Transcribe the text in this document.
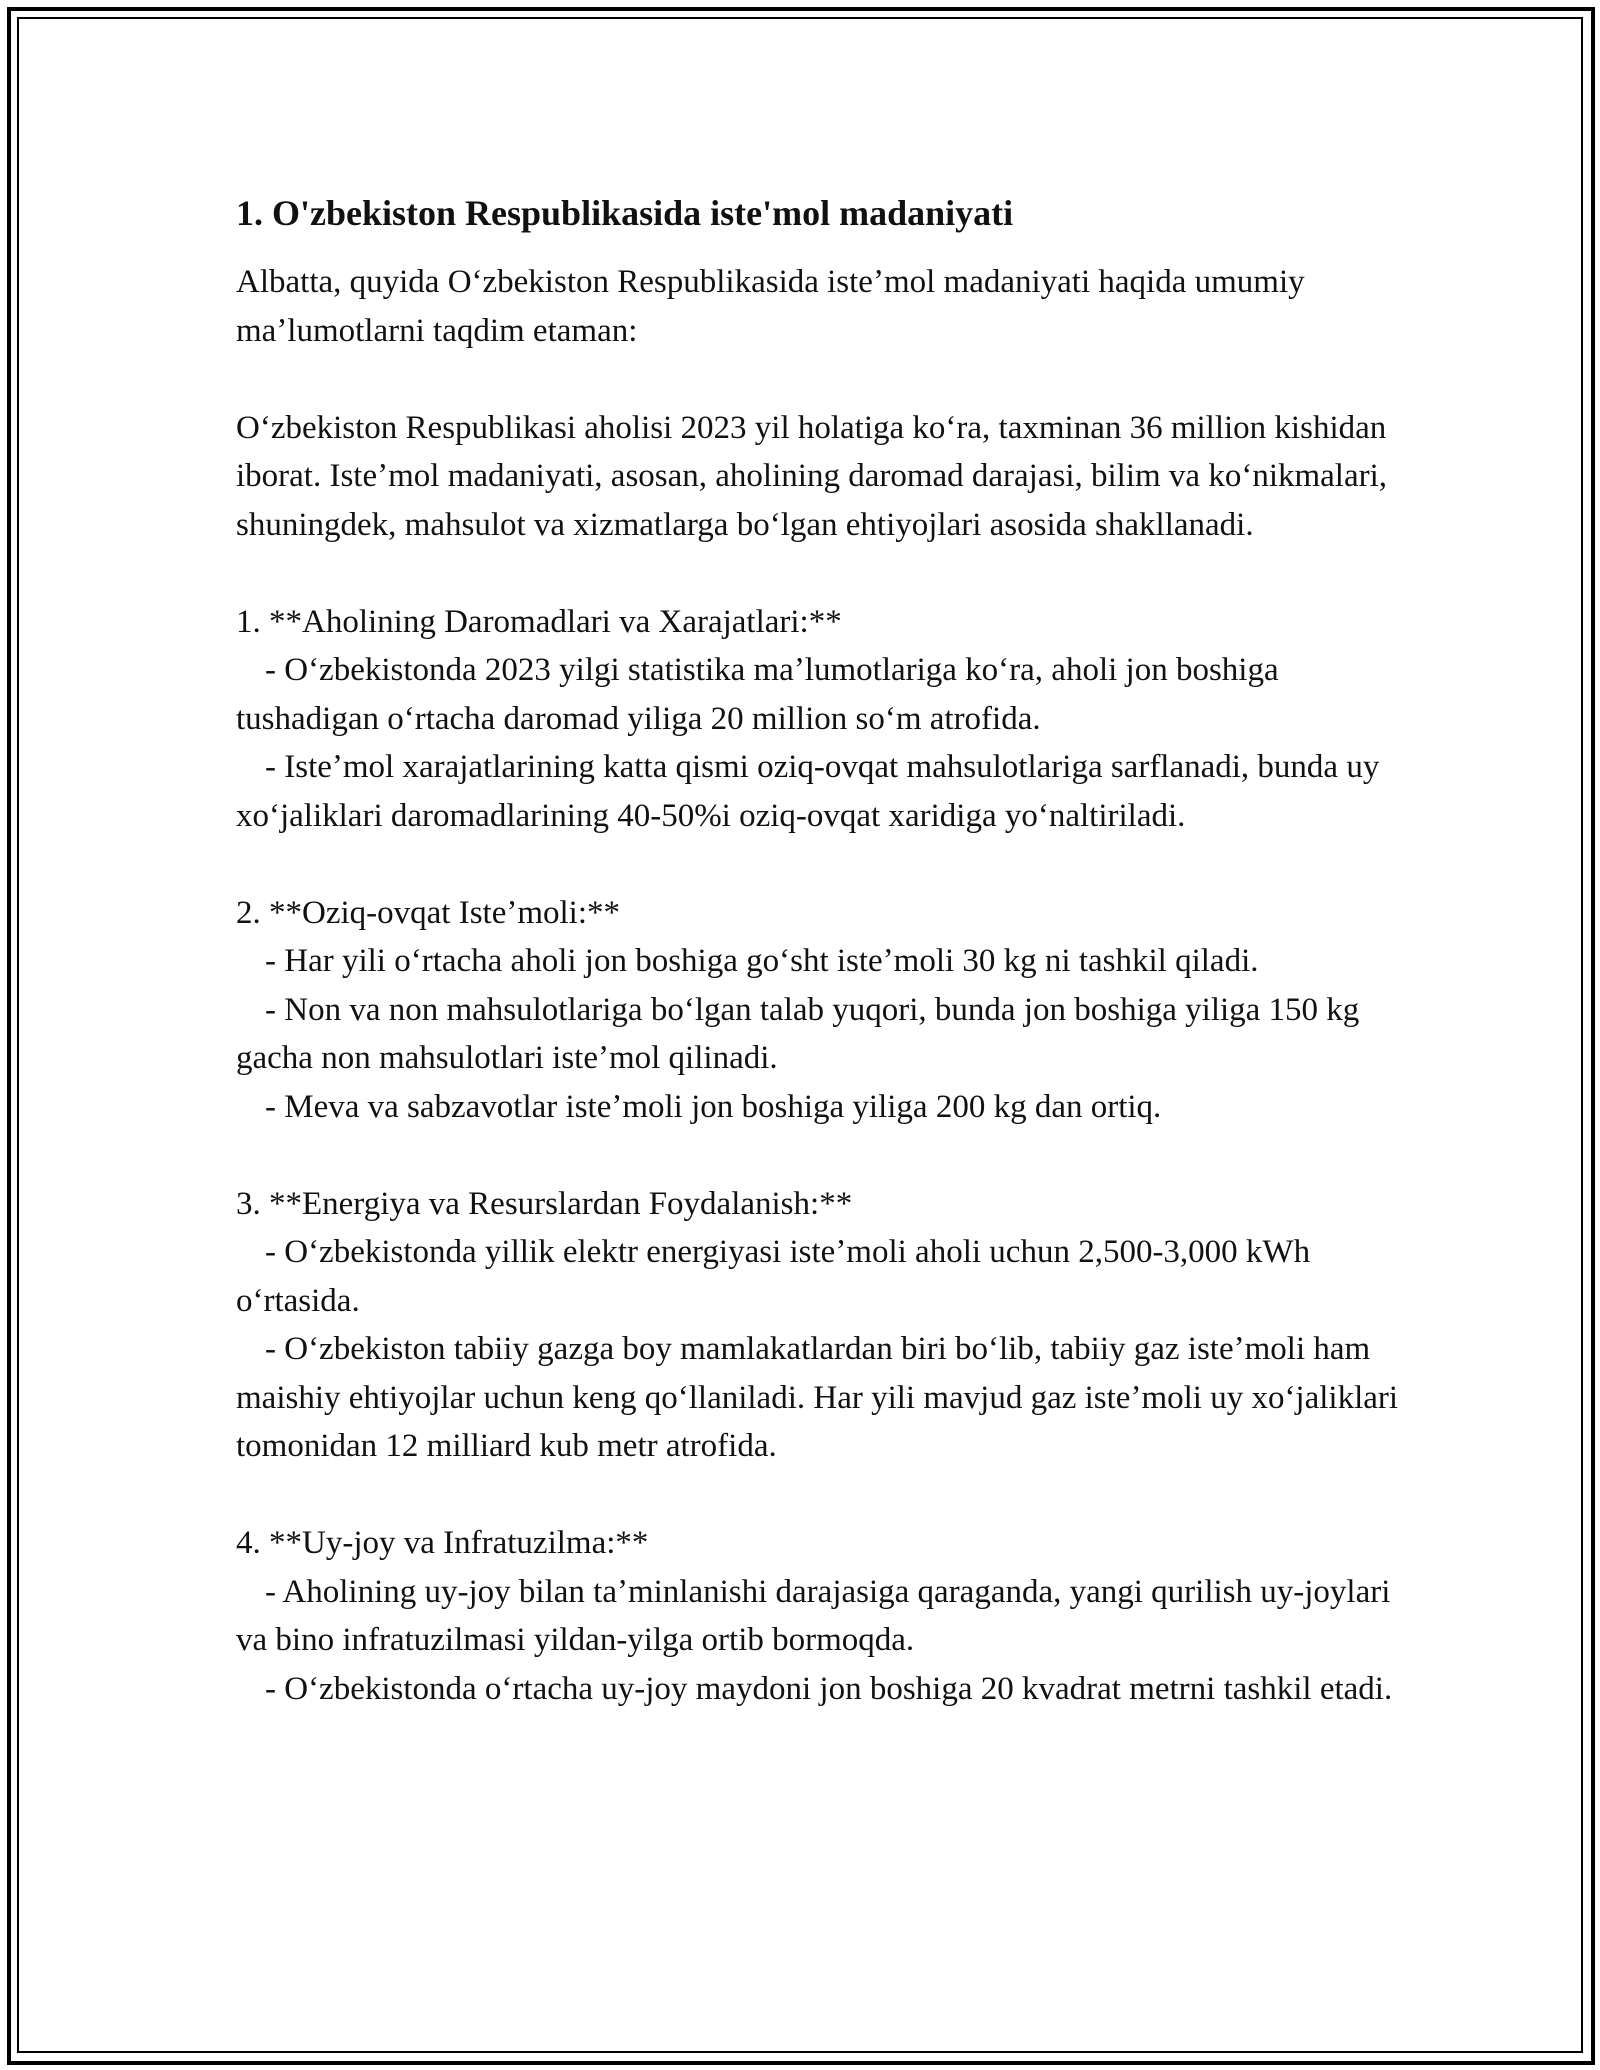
1. O'zbekiston Respublikasida iste'mol madaniyati

Albatta, quyida Oʻzbekiston Respublikasida isteʼmol madaniyati haqida umumiy maʼlumotlarni taqdim etaman:

Oʻzbekiston Respublikasi aholisi 2023 yil holatiga koʻra, taxminan 36 million kishidan iborat. Isteʼmol madaniyati, asosan, aholining daromad darajasi, bilim va koʻnikmalari, shuningdek, mahsulot va xizmatlarga boʻlgan ehtiyojlari asosida shakllanadi.

1. **Aholining Daromadlari va Xarajatlari:**

- Oʻzbekistonda 2023 yilgi statistika maʼlumotlariga koʻra, aholi jon boshiga tushadigan oʻrtacha daromad yiliga 20 million soʻm atrofida.

- Isteʼmol xarajatlarining katta qismi oziq-ovqat mahsulotlariga sarflanadi, bunda uy xoʻjaliklari daromadlarining 40-50%i oziq-ovqat xaridiga yoʻnaltiriladi.

2. **Oziq-ovqat Isteʼmoli:**

- Har yili oʻrtacha aholi jon boshiga goʻsht isteʼmoli 30 kg ni tashkil qiladi.

- Non va non mahsulotlariga boʻlgan talab yuqori, bunda jon boshiga yiliga 150 kg gacha non mahsulotlari isteʼmol qilinadi.

- Meva va sabzavotlar isteʼmoli jon boshiga yiliga 200 kg dan ortiq.

3. **Energiya va Resurslardan Foydalanish:**

- Oʻzbekistonda yillik elektr energiyasi isteʼmoli aholi uchun 2,500-3,000 kWh oʻrtasida.

- Oʻzbekiston tabiiy gazga boy mamlakatlardan biri boʻlib, tabiiy gaz isteʼmoli ham maishiy ehtiyojlar uchun keng qoʻllaniladi. Har yili mavjud gaz isteʼmoli uy xoʻjaliklari tomonidan 12 milliard kub metr atrofida.

4. **Uy-joy va Infratuzilma:**

- Aholining uy-joy bilan taʼminlanishi darajasiga qaraganda, yangi qurilish uy-joylari va bino infratuzilmasi yildan-yilga ortib bormoqda.

- Oʻzbekistonda oʻrtacha uy-joy maydoni jon boshiga 20 kvadrat metrni tashkil etadi.
